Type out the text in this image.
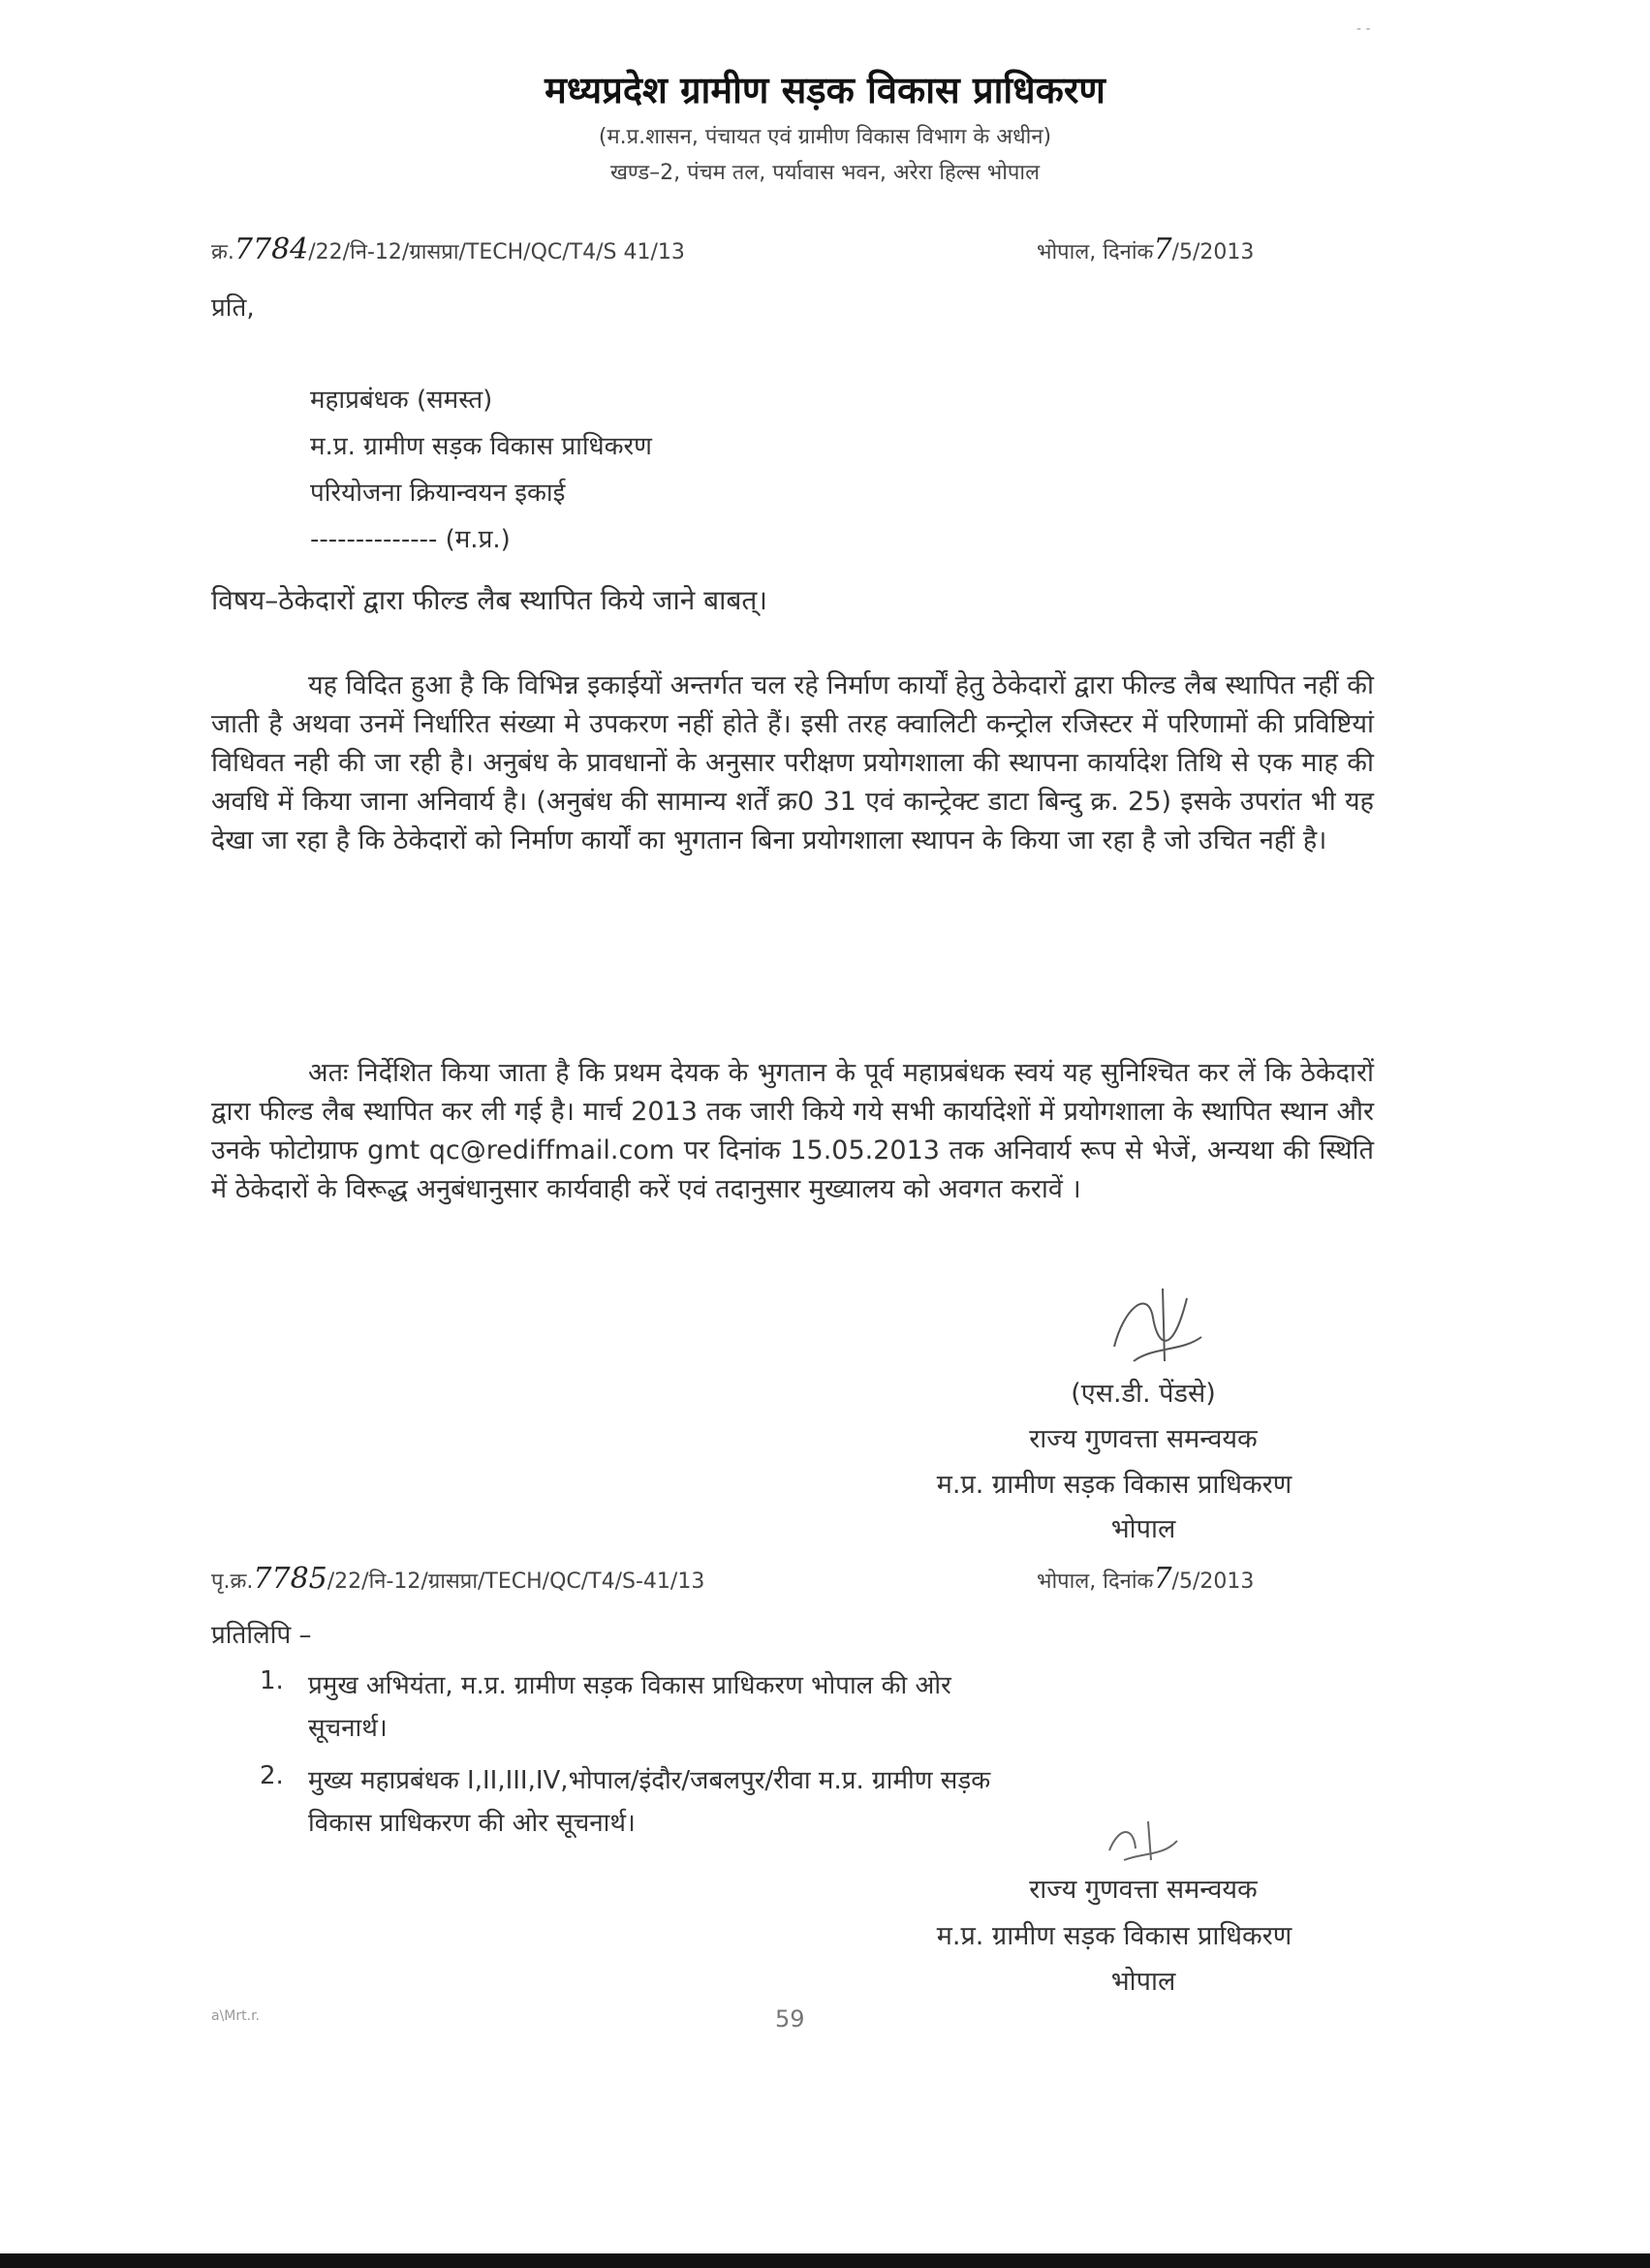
- -
मध्यप्रदेश ग्रामीण सड़क विकास प्राधिकरण
(म.प्र.शासन, पंचायत एवं ग्रामीण विकास विभाग के अधीन)
खण्ड–2, पंचम तल, पर्यावास भवन, अरेरा हिल्स भोपाल
क्र.7784/22/नि-12/ग्रासप्रा/TECH/QC/T4/S 41/13	भोपाल, दिनांक7/5/2013
प्रति,
महाप्रबंधक (समस्त)
म.प्र. ग्रामीण सड़क विकास प्राधिकरण
परियोजना क्रियान्वयन इकाई
-------------- (म.प्र.)
विषय–ठेकेदारों द्वारा फील्ड लैब स्थापित किये जाने बाबत्।
यह विदित हुआ है कि विभिन्न इकाईयों अन्तर्गत चल रहे निर्माण कार्यों हेतु ठेकेदारों द्वारा फील्ड लैब स्थापित नहीं की जाती है अथवा उनमें निर्धारित संख्या मे उपकरण नहीं होते हैं। इसी तरह क्वालिटी कन्ट्रोल रजिस्टर में परिणामों की प्रविष्टियां विधिवत नही की जा रही है। अनुबंध के प्रावधानों के अनुसार परीक्षण प्रयोगशाला की स्थापना कार्यादेश तिथि से एक माह की अवधि में किया जाना अनिवार्य है। (अनुबंध की सामान्य शर्तें क्र0 31 एवं कान्ट्रेक्ट डाटा बिन्दु क्र. 25) इसके उपरांत भी यह देखा जा रहा है कि ठेकेदारों को निर्माण कार्यों का भुगतान बिना प्रयोगशाला स्थापन के किया जा रहा है जो उचित नहीं है।
अतः निर्देशित किया जाता है कि प्रथम देयक के भुगतान के पूर्व महाप्रबंधक स्वयं यह सुनिश्चित कर लें कि ठेकेदारों द्वारा फील्ड लैब स्थापित कर ली गई है। मार्च 2013 तक जारी किये गये सभी कार्यादेशों में प्रयोगशाला के स्थापित स्थान और उनके फोटोग्राफ gmt qc@rediffmail.com पर दिनांक 15.05.2013 तक अनिवार्य रूप से भेजें, अन्यथा की स्थिति में ठेकेदारों के विरूद्ध अनुबंधानुसार कार्यवाही करें एवं तदानुसार मुख्यालय को अवगत करावें ।
(एस.डी. पेंडसे)
राज्य गुणवत्ता समन्वयक
म.प्र. ग्रामीण सड़क विकास प्राधिकरण
भोपाल
पृ.क्र.7785/22/नि-12/ग्रासप्रा/TECH/QC/T4/S-41/13	भोपाल, दिनांक7/5/2013
प्रतिलिपि –
1. प्रमुख अभियंता, म.प्र. ग्रामीण सड़क विकास प्राधिकरण भोपाल की ओर
सूचनार्थ।
2. मुख्य महाप्रबंधक I,II,III,IV,भोपाल/इंदौर/जबलपुर/रीवा म.प्र. ग्रामीण सड़क
विकास प्राधिकरण की ओर सूचनार्थ।
राज्य गुणवत्ता समन्वयक
म.प्र. ग्रामीण सड़क विकास प्राधिकरण
भोपाल
a\Mrt.r.	59
